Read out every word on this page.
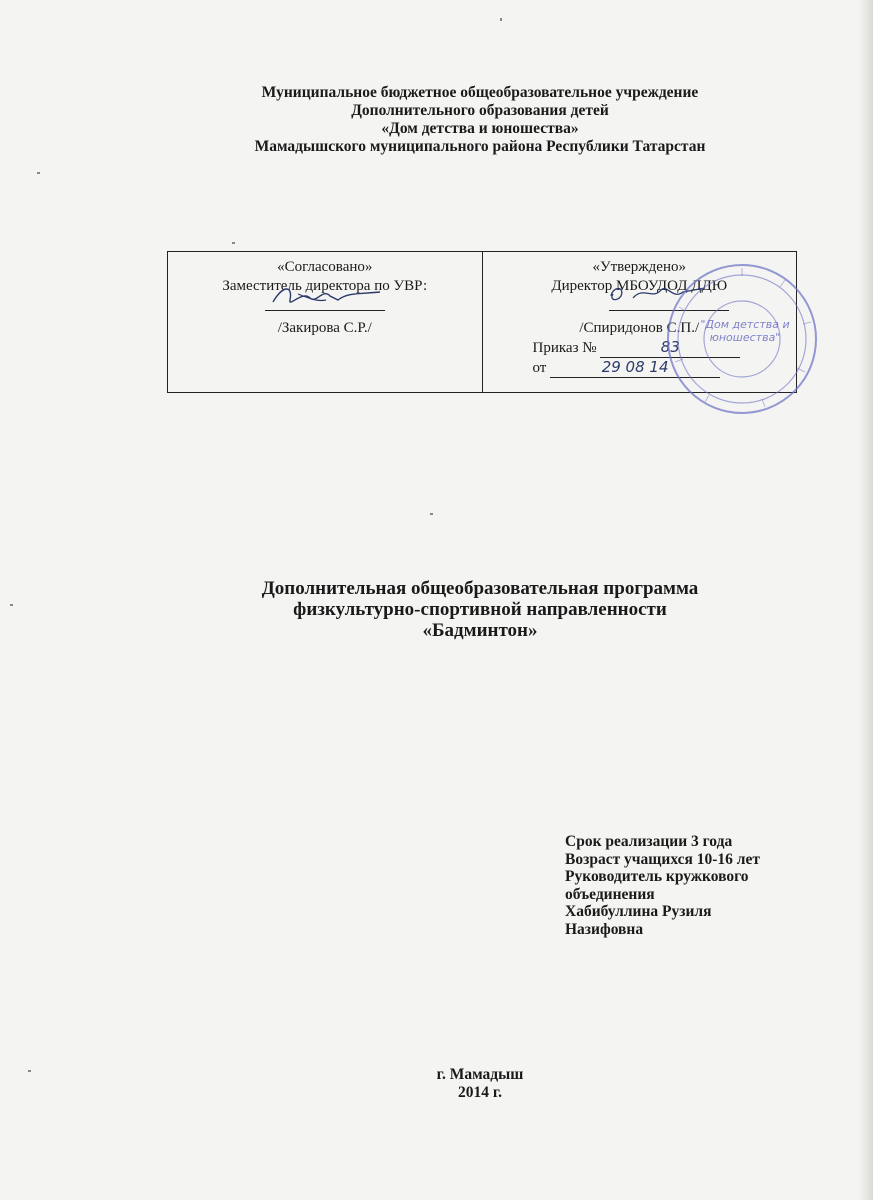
Муниципальное бюджетное общеобразовательное учреждение
Дополнительного образования детей
«Дом детства и юношества»
Мамадышского муниципального района Республики Татарстан
«Согласовано»
Заместитель директора по УВР:
/Закирова С.Р./
«Утверждено»
Директор МБОУДОД ДДЮ
/Спиридонов С.П./
Приказ №	83
от	29 08 14
"Дом детства и юношества"
Дополнительная общеобразовательная программа
физкультурно-спортивной направленности
«Бадминтон»
Срок реализации 3 года
Возраст учащихся 10-16 лет
Руководитель кружкового
объединения
Хабибуллина Рузиля
Назифовна
г. Мамадыш
2014 г.
